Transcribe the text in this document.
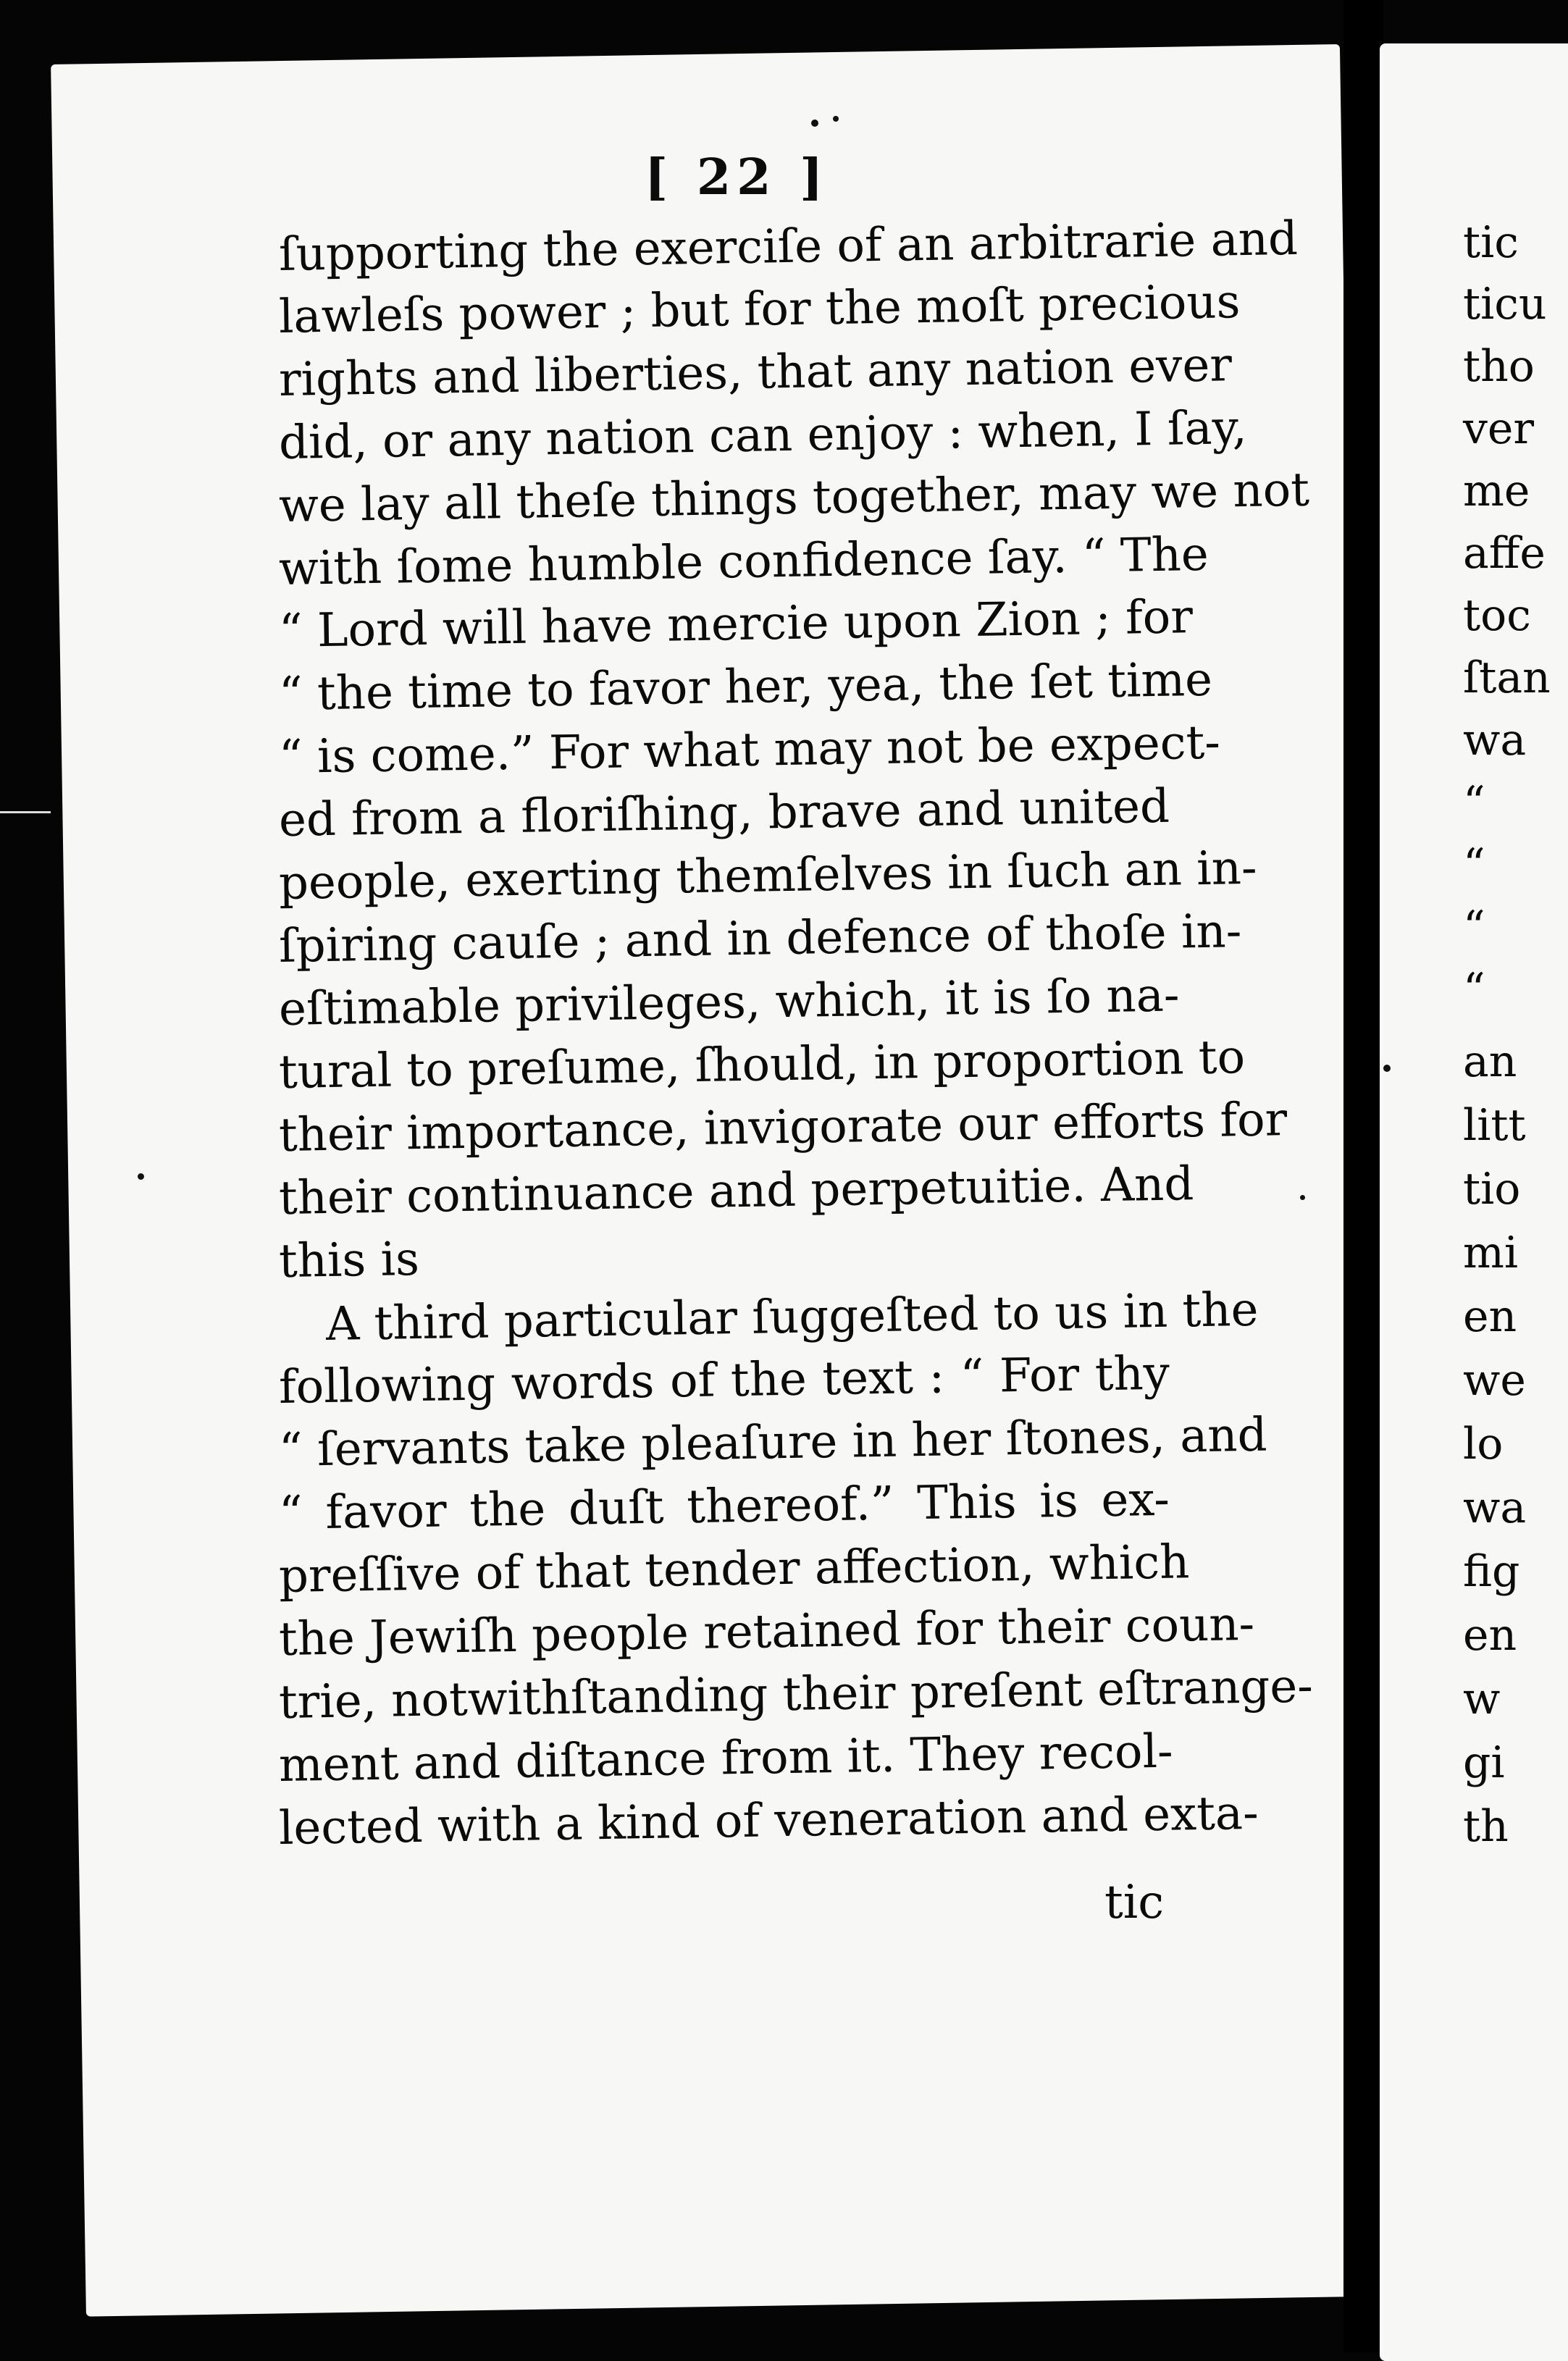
[ 22 ]
ſupporting the exerciſe of an arbitrarie and
lawleſs power ; but for the moſt precious
rights and liberties, that any nation ever
did, or any nation can enjoy : when, I ſay,
we lay all theſe things together, may we not
with ſome humble confidence ſay. “ The
“ Lord will have mercie upon Zion ; for
“ the time to favor her, yea, the ſet time
“ is come.” For what may not be expect-
ed from a floriſhing, brave and united
people, exerting themſelves in ſuch an in-
ſpiring cauſe ; and in defence of thoſe in-
eſtimable privileges, which, it is ſo na-
tural to preſume, ſhould, in proportion to
their importance, invigorate our efforts for
their continuance and perpetuitie. And
this is
A third particular ſuggeſted to us in the
following words of the text : “ For thy
“ ſervants take pleaſure in her ſtones, and
“ favor the duſt thereof.” This is ex-
preſſive of that tender affection, which
the Jewiſh people retained for their coun-
trie, notwithſtanding their preſent eſtrange-
ment and diſtance from it. They recol-
lected with a kind of veneration and exta-
tic
tic
ticu
tho
ver
me
affe
toc
ſtan
wa
“
“
“
“
an
litt
tio
mi
en
we
lo
wa
fig
en
w
gi
th
